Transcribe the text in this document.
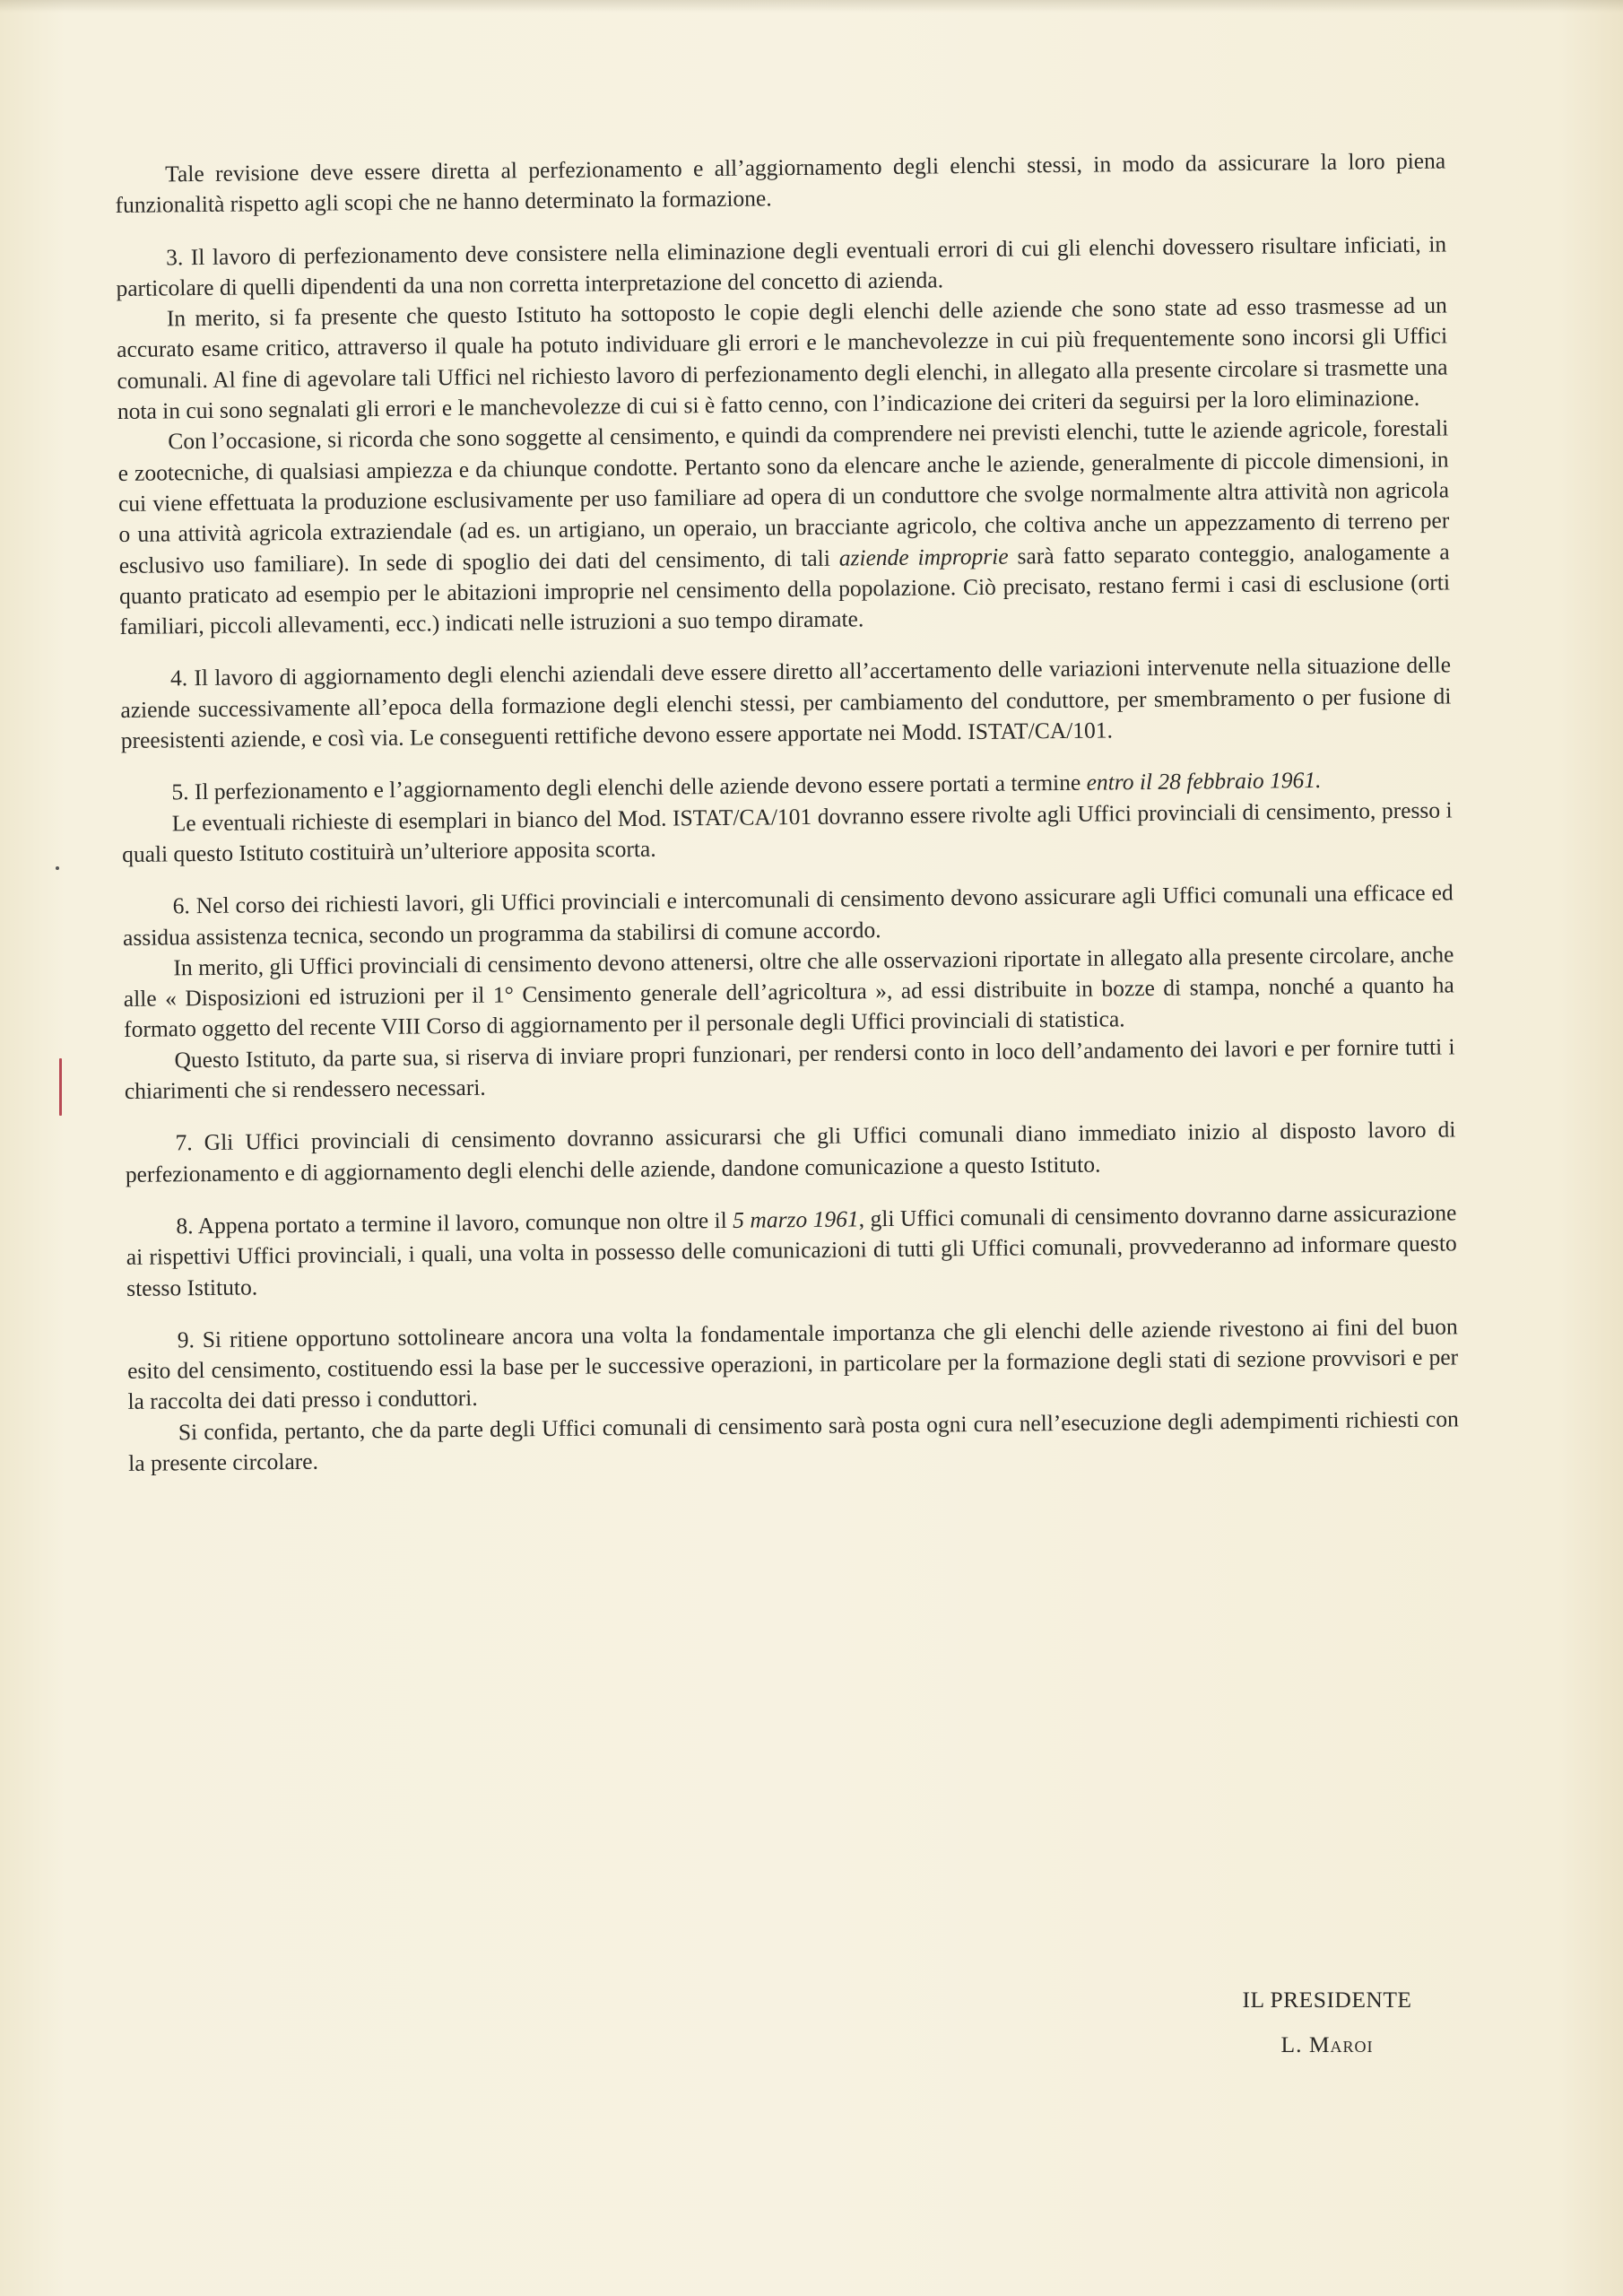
Tale revisione deve essere diretta al perfezionamento e all’aggiornamento degli elenchi stessi, in modo da assicurare la loro piena funzionalità rispetto agli scopi che ne hanno determinato la formazione.

3. Il lavoro di perfezionamento deve consistere nella eliminazione degli eventuali errori di cui gli elenchi dovessero risultare inficiati, in particolare di quelli dipendenti da una non corretta interpretazione del concetto di azienda.

In merito, si fa presente che questo Istituto ha sottoposto le copie degli elenchi delle aziende che sono state ad esso trasmesse ad un accurato esame critico, attraverso il quale ha potuto individuare gli errori e le manchevolezze in cui più frequentemente sono incorsi gli Uffici comunali. Al fine di agevolare tali Uffici nel richiesto lavoro di perfezionamento degli elenchi, in allegato alla presente circolare si trasmette una nota in cui sono segnalati gli errori e le manchevolezze di cui si è fatto cenno, con l’indicazione dei criteri da seguirsi per la loro eliminazione.

Con l’occasione, si ricorda che sono soggette al censimento, e quindi da comprendere nei previsti elenchi, tutte le aziende agricole, forestali e zootecniche, di qualsiasi ampiezza e da chiunque condotte. Pertanto sono da elencare anche le aziende, generalmente di piccole dimensioni, in cui viene effettuata la produzione esclusivamente per uso familiare ad opera di un conduttore che svolge normalmente altra attività non agricola o una attività agricola extraziendale (ad es. un artigiano, un operaio, un bracciante agricolo, che coltiva anche un appezzamento di terreno per esclusivo uso familiare). In sede di spoglio dei dati del censimento, di tali aziende improprie sarà fatto separato conteggio, analogamente a quanto praticato ad esempio per le abitazioni improprie nel censimento della popolazione. Ciò precisato, restano fermi i casi di esclusione (orti familiari, piccoli allevamenti, ecc.) indicati nelle istruzioni a suo tempo diramate.

4. Il lavoro di aggiornamento degli elenchi aziendali deve essere diretto all’accertamento delle variazioni intervenute nella situazione delle aziende successivamente all’epoca della formazione degli elenchi stessi, per cambiamento del conduttore, per smembramento o per fusione di preesistenti aziende, e così via. Le conseguenti rettifiche devono essere apportate nei Modd. ISTAT/CA/101.

5. Il perfezionamento e l’aggiornamento degli elenchi delle aziende devono essere portati a termine entro il 28 febbraio 1961.

Le eventuali richieste di esemplari in bianco del Mod. ISTAT/CA/101 dovranno essere rivolte agli Uffici provinciali di censimento, presso i quali questo Istituto costituirà un’ulteriore apposita scorta.

6. Nel corso dei richiesti lavori, gli Uffici provinciali e intercomunali di censimento devono assicurare agli Uffici comunali una efficace ed assidua assistenza tecnica, secondo un programma da stabilirsi di comune accordo.

In merito, gli Uffici provinciali di censimento devono attenersi, oltre che alle osservazioni riportate in allegato alla presente circolare, anche alle « Disposizioni ed istruzioni per il 1° Censimento generale dell’agricoltura », ad essi distribuite in bozze di stampa, nonché a quanto ha formato oggetto del recente VIII Corso di aggiornamento per il personale degli Uffici provinciali di statistica.

Questo Istituto, da parte sua, si riserva di inviare propri funzionari, per rendersi conto in loco dell’andamento dei lavori e per fornire tutti i chiarimenti che si rendessero necessari.

7. Gli Uffici provinciali di censimento dovranno assicurarsi che gli Uffici comunali diano immediato inizio al disposto lavoro di perfezionamento e di aggiornamento degli elenchi delle aziende, dandone comunicazione a questo Istituto.

8. Appena portato a termine il lavoro, comunque non oltre il 5 marzo 1961, gli Uffici comunali di censimento dovranno darne assicurazione ai rispettivi Uffici provinciali, i quali, una volta in possesso delle comunicazioni di tutti gli Uffici comunali, provvederanno ad informare questo stesso Istituto.

9. Si ritiene opportuno sottolineare ancora una volta la fondamentale importanza che gli elenchi delle aziende rivestono ai fini del buon esito del censimento, costituendo essi la base per le successive operazioni, in particolare per la formazione degli stati di sezione provvisori e per la raccolta dei dati presso i conduttori.

Si confida, pertanto, che da parte degli Uffici comunali di censimento sarà posta ogni cura nell’esecuzione degli adempimenti richiesti con la presente circolare.

IL PRESIDENTE
L. Maroi
